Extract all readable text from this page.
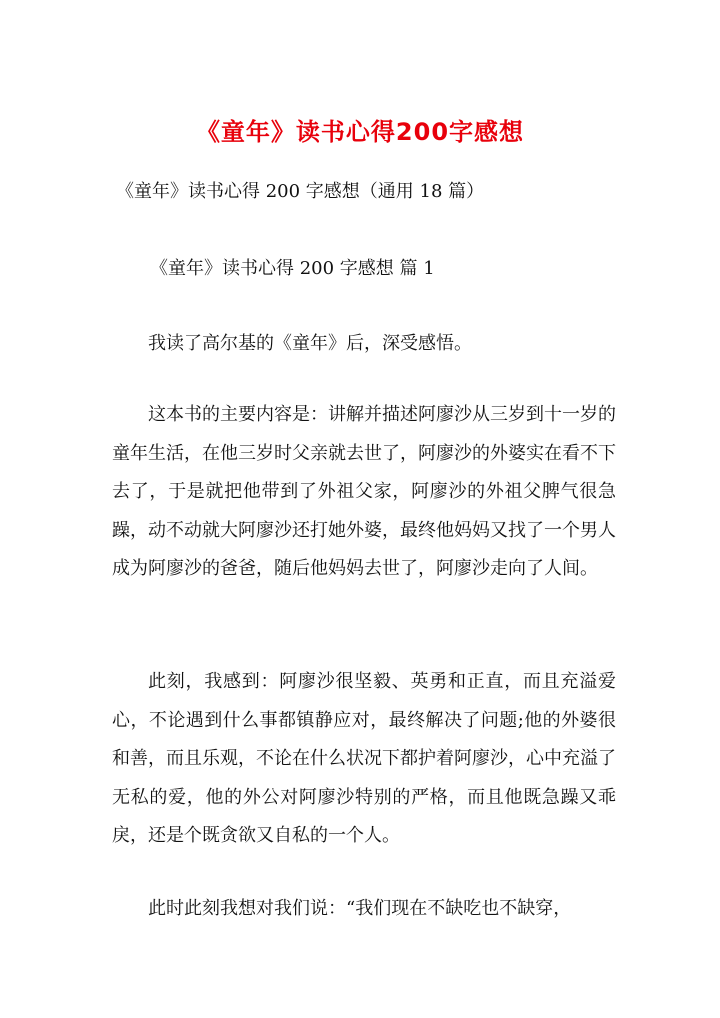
《童年》读书心得200字感想

《童年》读书心得 200 字感想（通用 18 篇）

《童年》读书心得 200 字感想 篇 1

我读了高尔基的《童年》后，深受感悟。

这本书的主要内容是：讲解并描述阿廖沙从三岁到十一岁的童年生活，在他三岁时父亲就去世了，阿廖沙的外婆实在看不下去了，于是就把他带到了外祖父家，阿廖沙的外祖父脾气很急躁，动不动就大阿廖沙还打她外婆，最终他妈妈又找了一个男人成为阿廖沙的爸爸，随后他妈妈去世了，阿廖沙走向了人间。

此刻，我感到：阿廖沙很坚毅、英勇和正直，而且充溢爱心，不论遇到什么事都镇静应对，最终解决了问题;他的外婆很和善，而且乐观，不论在什么状况下都护着阿廖沙，心中充溢了无私的爱，他的外公对阿廖沙特别的严格，而且他既急躁又乖戾，还是个既贪欲又自私的一个人。

此时此刻我想对我们说：“我们现在不缺吃也不缺穿，
